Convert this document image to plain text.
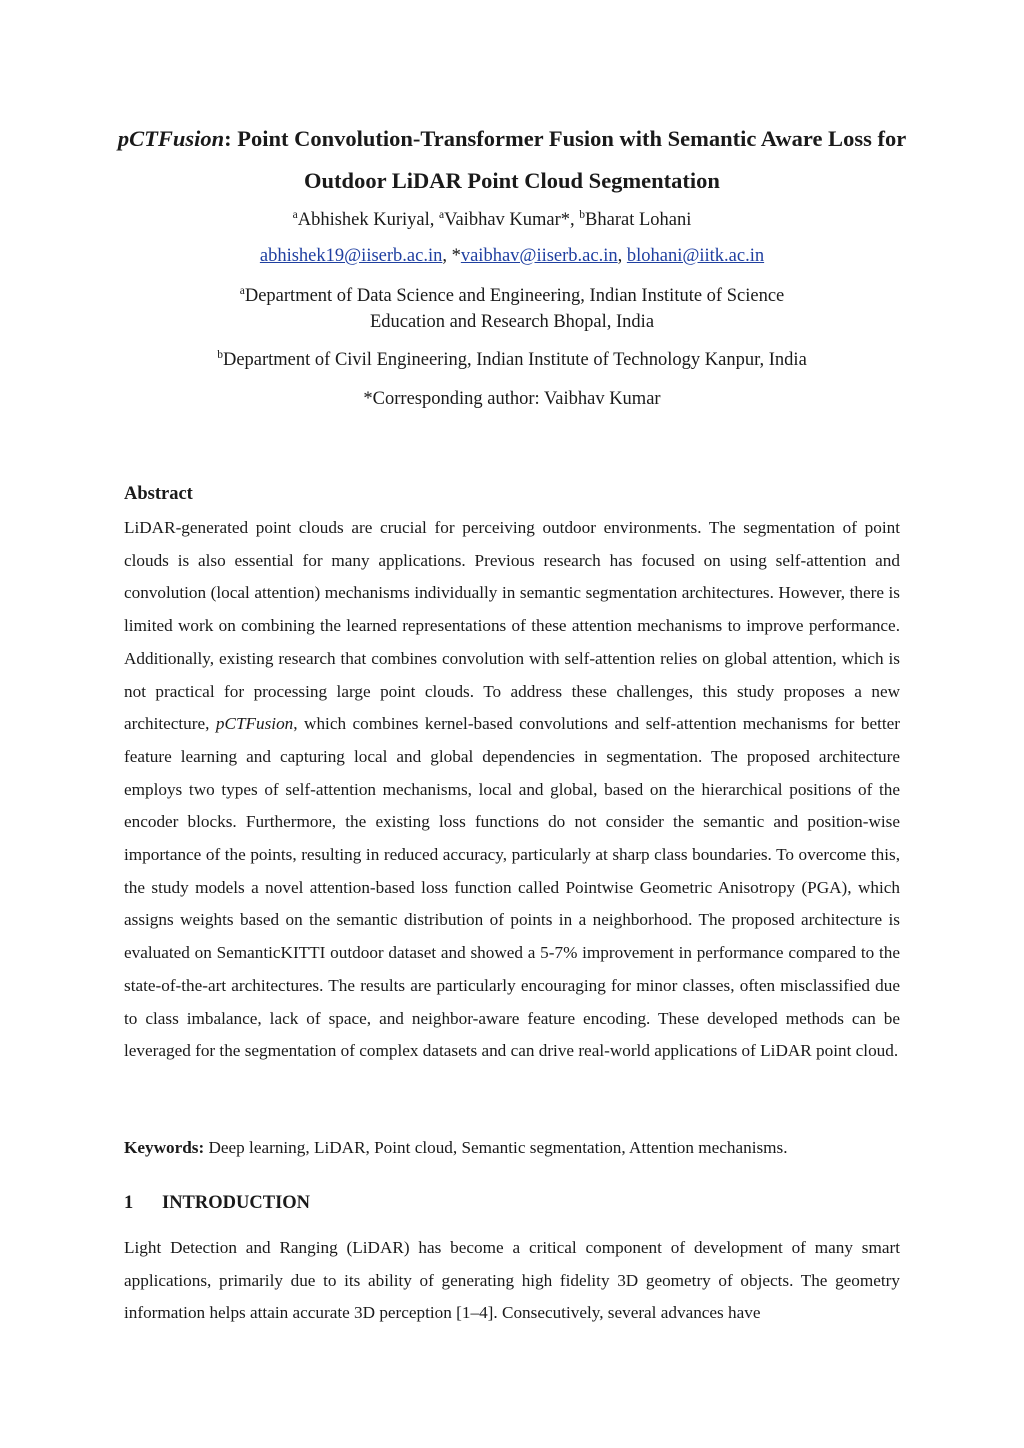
pCTFusion: Point Convolution-Transformer Fusion with Semantic Aware Loss for Outdoor LiDAR Point Cloud Segmentation
$^a$Abhishek Kuriyal, $^a$Vaibhav Kumar*, $^b$Bharat Lohani
abhishek19@iiserb.ac.in, *vaibhav@iiserb.ac.in, blohani@iitk.ac.in
$^a$Department of Data Science and Engineering, Indian Institute of Science
Education and Research Bhopal, India
$^b$Department of Civil Engineering, Indian Institute of Technology Kanpur, India
*Corresponding author: Vaibhav Kumar
Abstract
LiDAR-generated point clouds are crucial for perceiving outdoor environments. The segmentation of point clouds is also essential for many applications. Previous research has focused on using self-attention and convolution (local attention) mechanisms individually in semantic segmentation architectures. However, there is limited work on combining the learned representations of these attention mechanisms to improve performance. Additionally, existing research that combines convolution with self-attention relies on global attention, which is not practical for processing large point clouds. To address these challenges, this study proposes a new architecture, pCTFusion, which combines kernel-based convolutions and self-attention mechanisms for better feature learning and capturing local and global dependencies in segmentation. The proposed architecture employs two types of self-attention mechanisms, local and global, based on the hierarchical positions of the encoder blocks. Furthermore, the existing loss functions do not consider the semantic and position-wise importance of the points, resulting in reduced accuracy, particularly at sharp class boundaries. To overcome this, the study models a novel attention-based loss function called Pointwise Geometric Anisotropy (PGA), which assigns weights based on the semantic distribution of points in a neighborhood. The proposed architecture is evaluated on SemanticKITTI outdoor dataset and showed a 5-7% improvement in performance compared to the state-of-the-art architectures. The results are particularly encouraging for minor classes, often misclassified due to class imbalance, lack of space, and neighbor-aware feature encoding. These developed methods can be leveraged for the segmentation of complex datasets and can drive real-world applications of LiDAR point cloud.
Keywords: Deep learning, LiDAR, Point cloud, Semantic segmentation, Attention mechanisms.
1 INTRODUCTION
Light Detection and Ranging (LiDAR) has become a critical component of development of many smart applications, primarily due to its ability of generating high fidelity 3D geometry of objects. The geometry information helps attain accurate 3D perception [1–4]. Consecutively, several advances have
